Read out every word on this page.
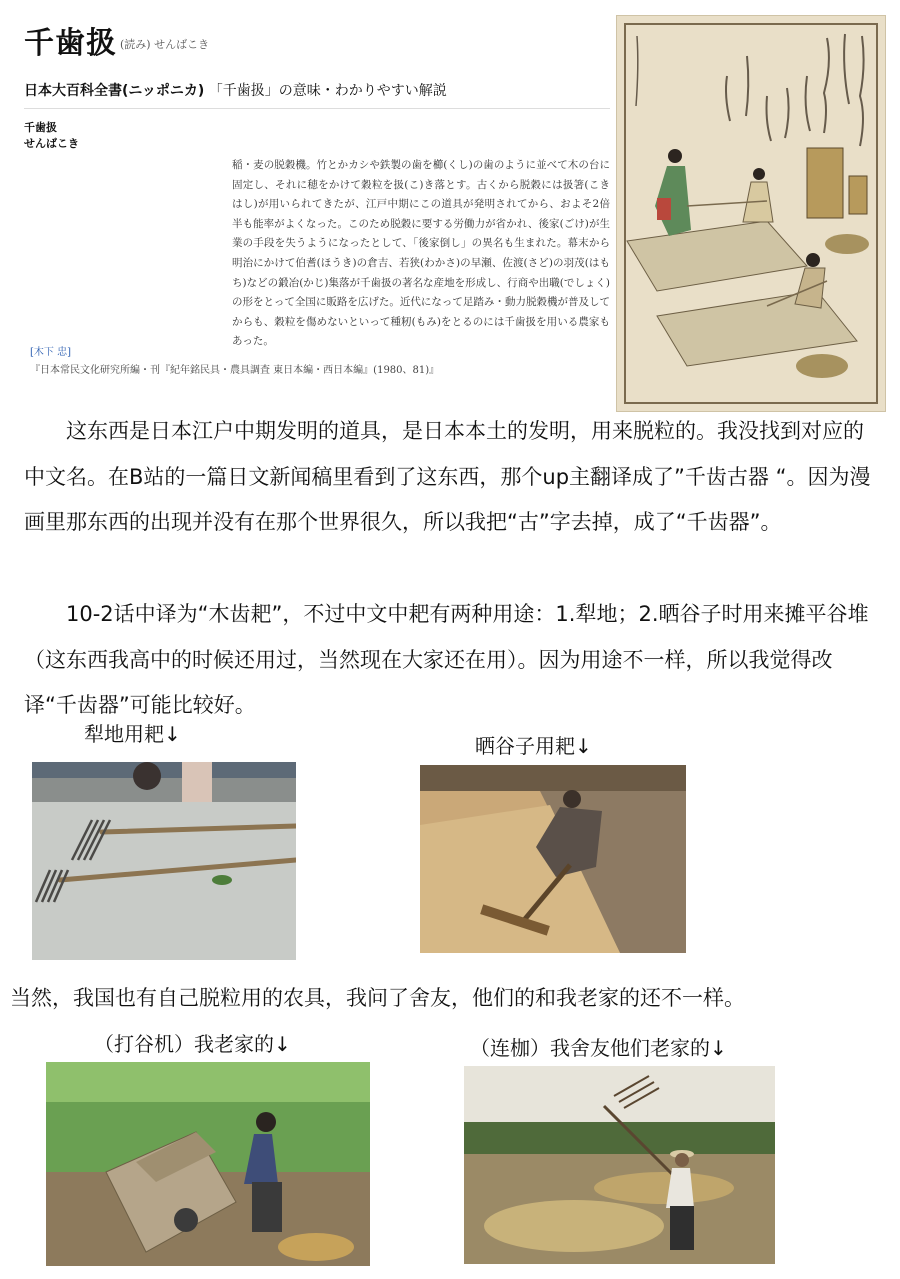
千歯扱 (読み) せんばこき
日本大百科全書(ニッポニカ) 「千歯扱」の意味・わかりやすい解説
千歯扱
せんばこき
稲・麦の脱穀機。竹とかカシや鉄製の歯を櫛(くし)の歯のように並べて木の台に固定し、それに穂をかけて穀粒を扱(こ)き落とす。古くから脱穀には扱箸(こきはし)が用いられてきたが、江戸中期にこの道具が発明されてから、およそ2倍半も能率がよくなった。このため脱穀に要する労働力が省かれ、後家(ごけ)が生業の手段を失うようになったとして、「後家倒し」の異名も生まれた。幕末から明治にかけて伯耆(ほうき)の倉吉、若狭(わかさ)の早瀬、佐渡(さど)の羽茂(はもち)などの鍛冶(かじ)集落が千歯扱の著名な産地を形成し、行商や出職(でしょく)の形をとって全国に販路を広げた。近代になって足踏み・動力脱穀機が普及してからも、穀粒を傷めないといって種籾(もみ)をとるのには千歯扱を用いる農家もあった。
[木下 忠]
『日本常民文化研究所編・刊『紀年銘民具・農具調査 東日本編・西日本編』(1980、81)』
　　这东西是日本江户中期发明的道具，是日本本土的发明，用来脱粒的。我没找到对应的中文名。在B站的一篇日文新闻稿里看到了这东西，那个up主翻译成了”千齿古器 “。因为漫画里那东西的出现并没有在那个世界很久，所以我把“古”字去掉，成了“千齿器”。
　　10-2话中译为“木齿耙”，不过中文中耙有两种用途：1.犁地；2.晒谷子时用来摊平谷堆（这东西我高中的时候还用过，当然现在大家还在用）。因为用途不一样，所以我觉得改译“千齿器”可能比较好。
犁地用耙↓	晒谷子用耙↓
当然，我国也有自己脱粒用的农具，我问了舍友，他们的和我老家的还不一样。
（打谷机）我老家的↓	（连枷）我舍友他们老家的↓
